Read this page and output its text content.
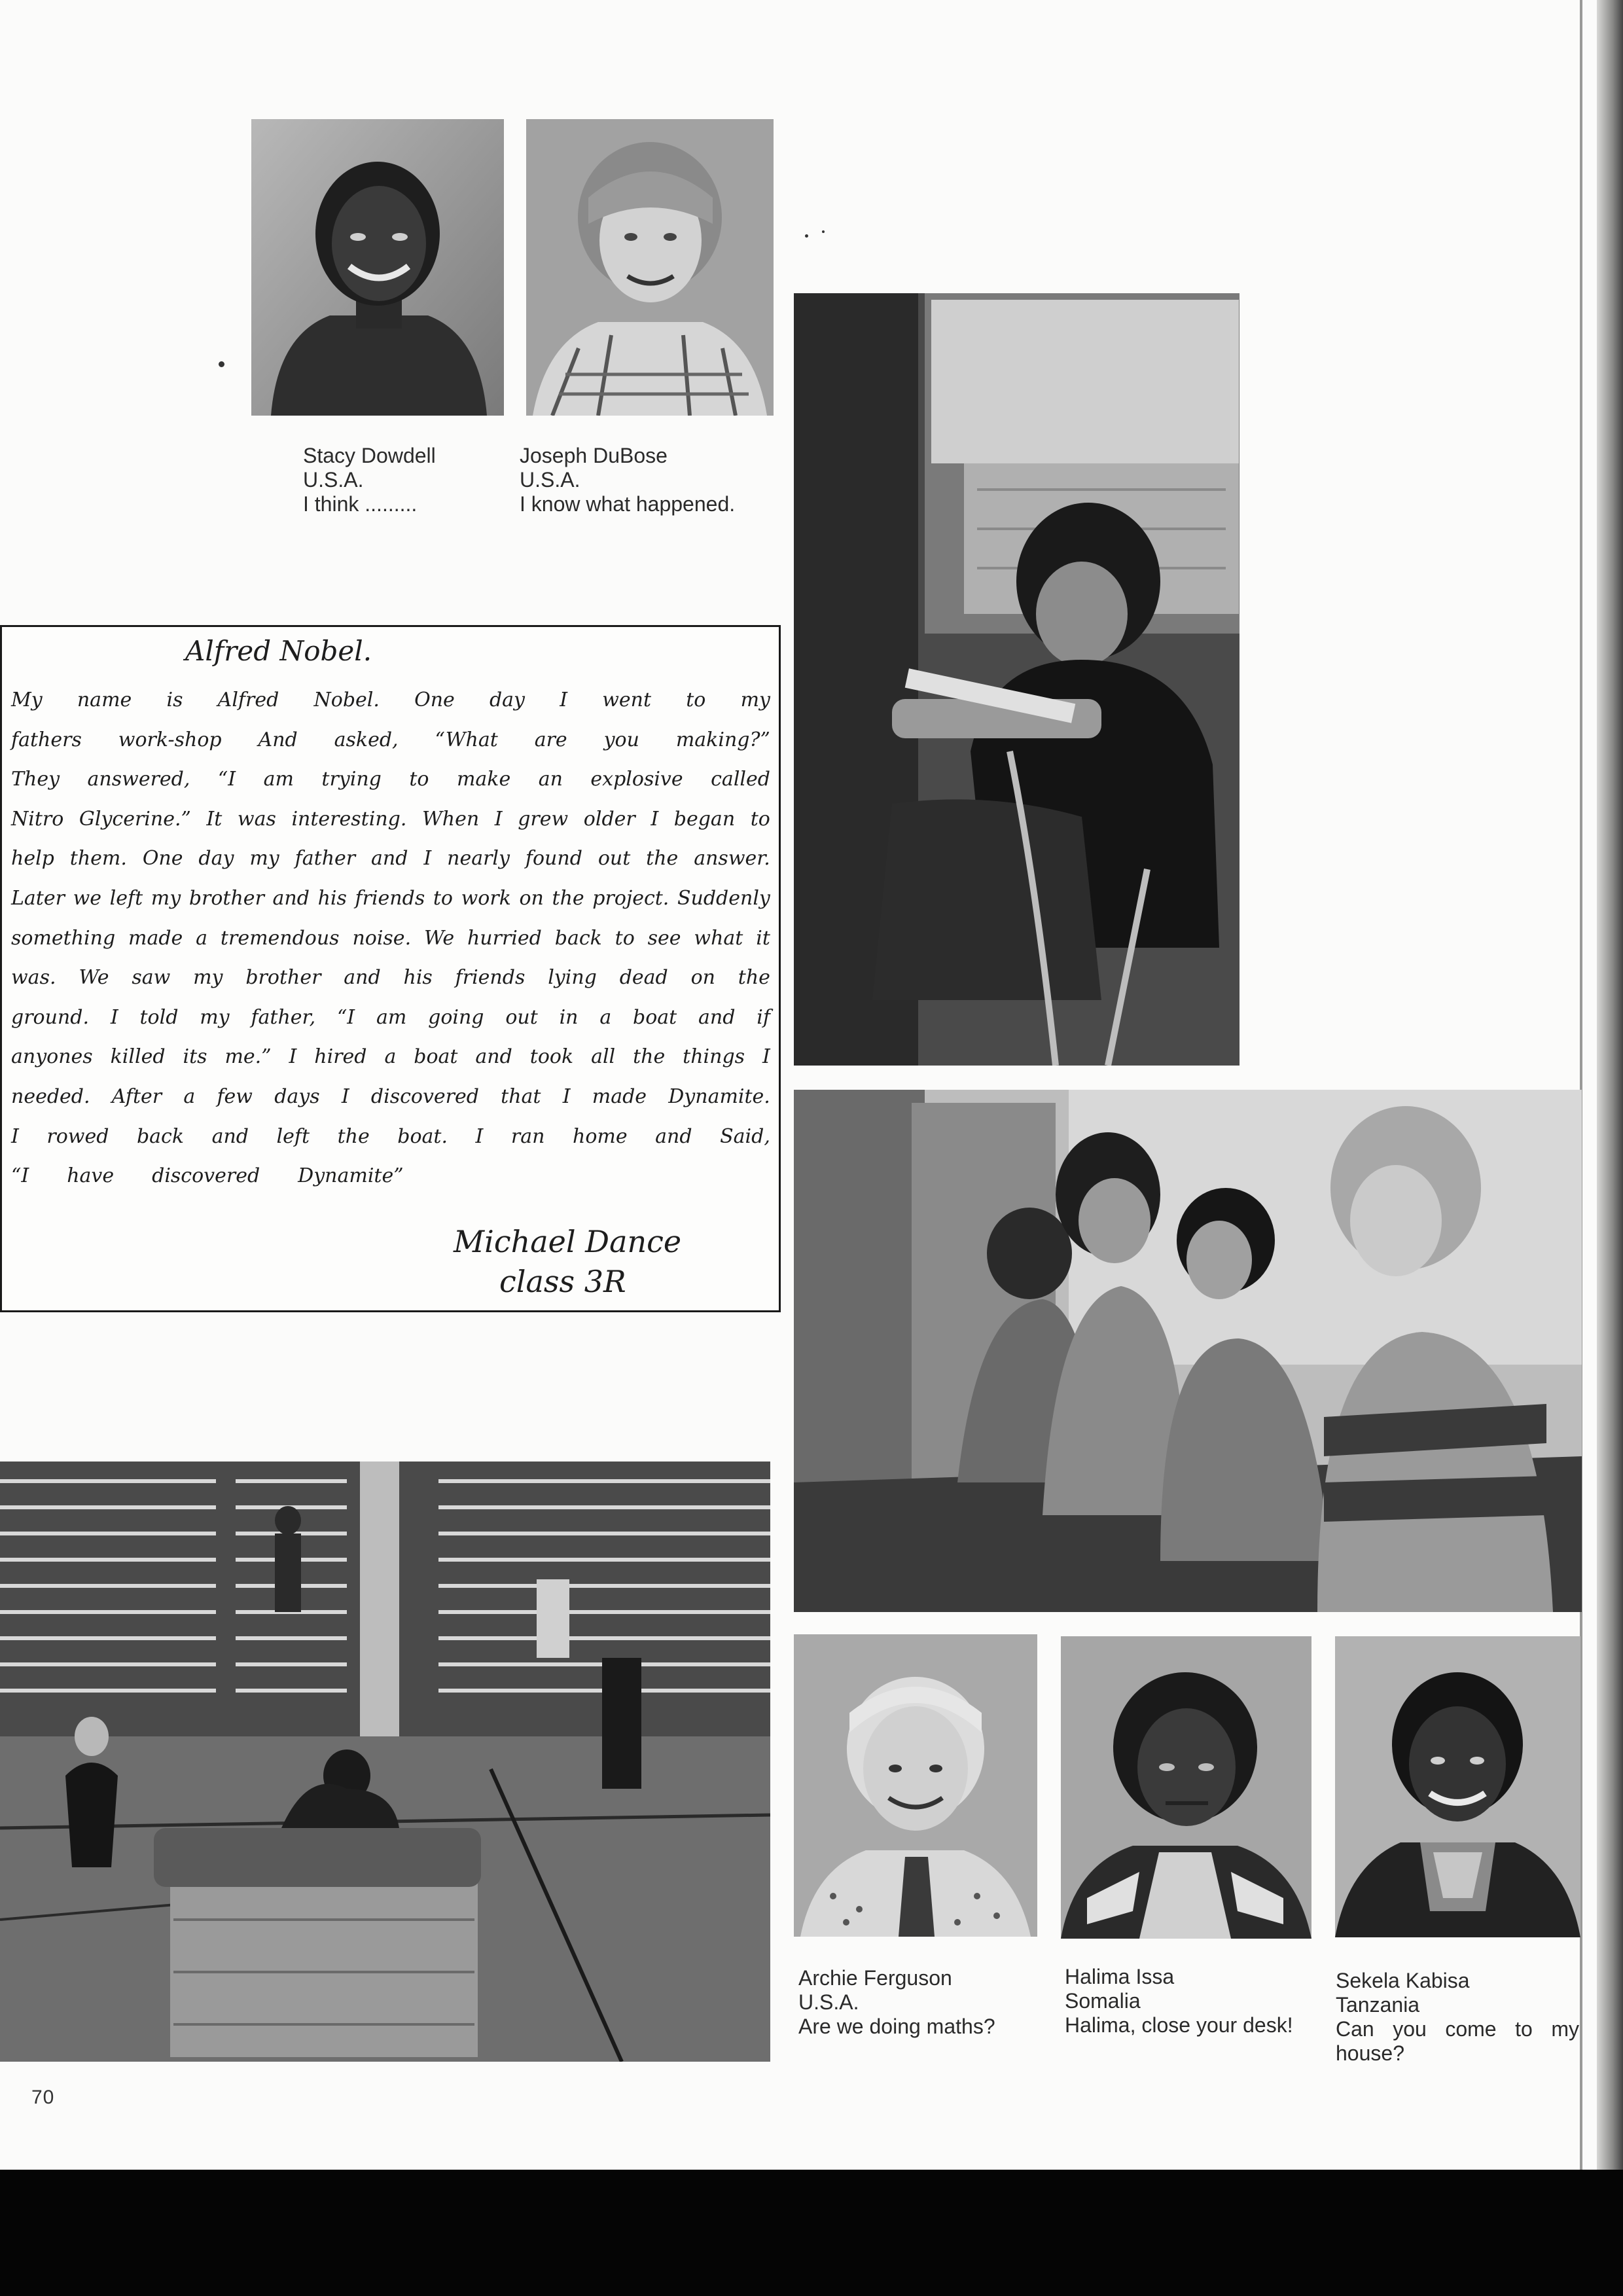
Stacy Dowdell
U.S.A.
I think .........
Joseph DuBose
U.S.A.
I know what happened.
Alfred Nobel.
My name is Alfred Nobel. One day I went to my
fathers work-shop And asked, “What are you making?”
They answered, “I am trying to make an explosive called
Nitro Glycerine.” It was interesting. When I grew older I began to
help them. One day my father and I nearly found out the answer.
Later we left my brother and his friends to work on the project. Suddenly
something made a tremendous noise. We hurried back to see what it
was. We saw my brother and his friends lying dead on the
ground. I told my father, “I am going out in a boat and if
anyones killed its me.” I hired a boat and took all the things I
needed. After a few days I discovered that I made Dynamite.
I rowed back and left the boat. I ran home and Said,
“I have discovered Dynamite”
Michael Dance
class 3R
Archie Ferguson
U.S.A.
Are we doing maths?
Halima Issa
Somalia
Halima, close your desk!
Sekela Kabisa
Tanzania
Can you come to my house?
70
